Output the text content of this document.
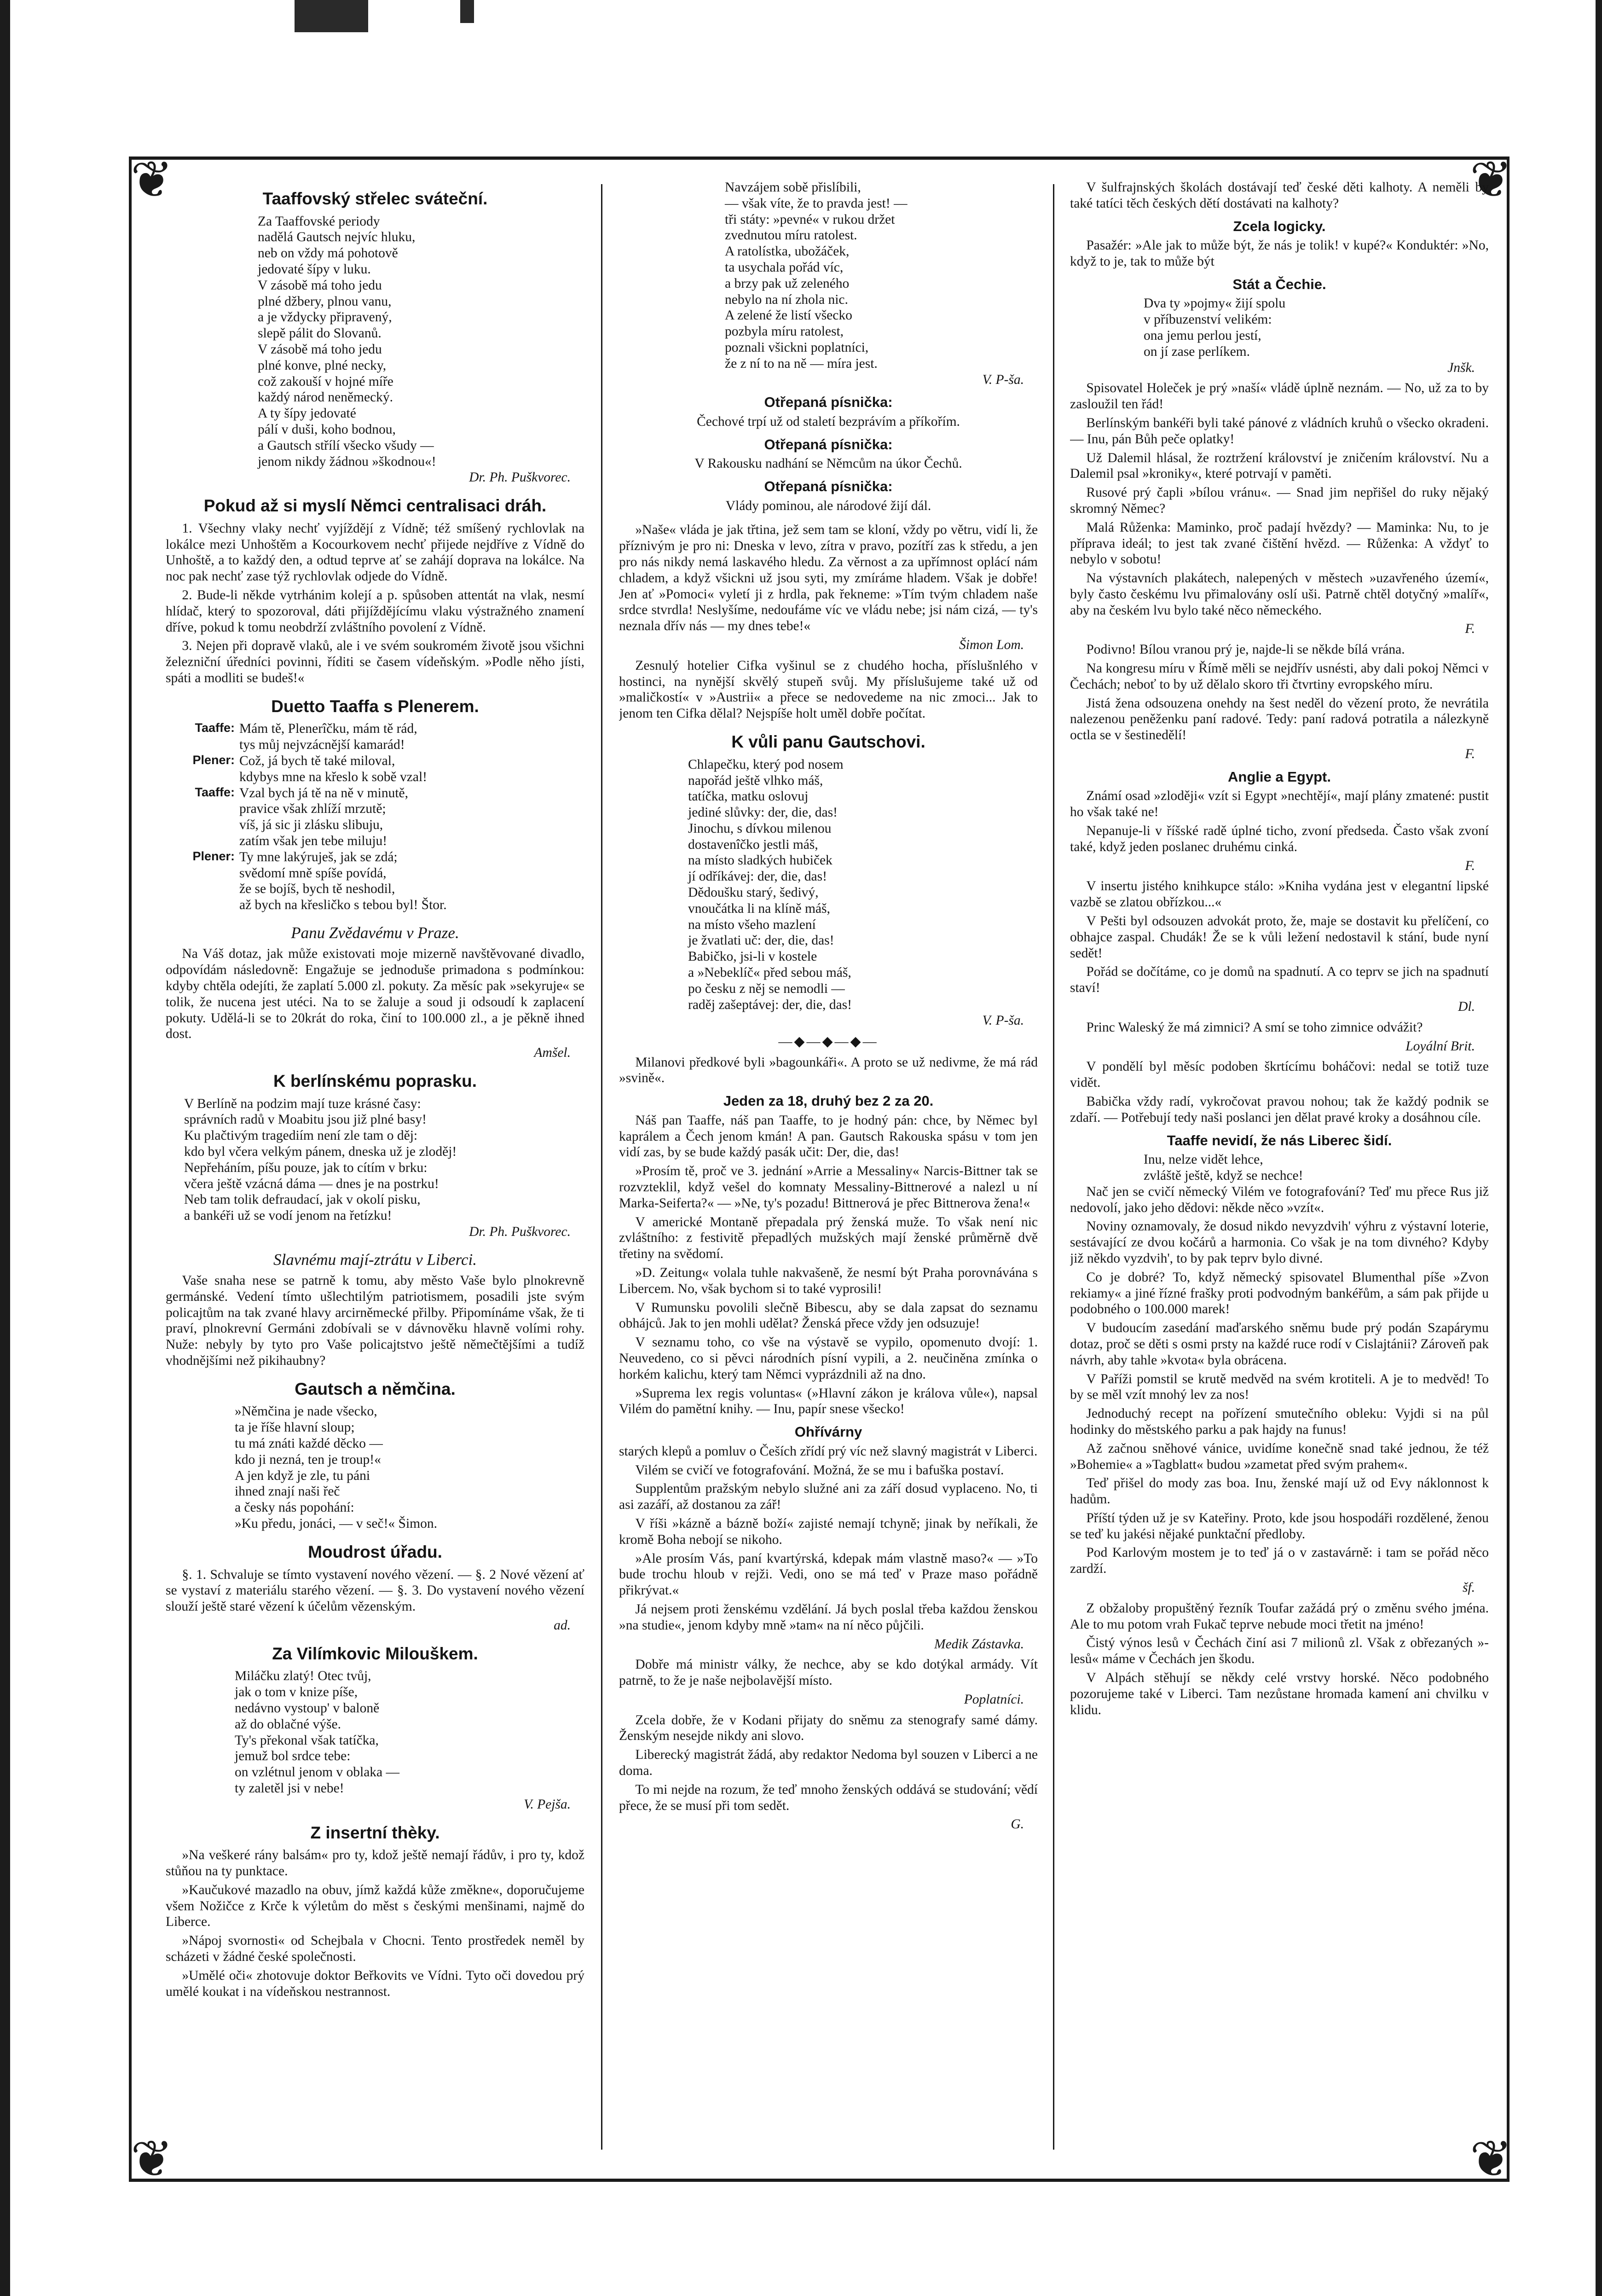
❦	❦
❦	❦
Taaffovský střelec sváteční.
Za Taaffovské periody
nadělá Gautsch nejvíc hluku,
neb on vždy má pohotově
jedovaté šípy v luku.
V zásobě má toho jedu
plné džbery, plnou vanu,
a je vždycky připravený,
slepě pálit do Slovanů.
V zásobě má toho jedu
plné konve, plné necky,
což zakouší v hojné míře
každý národ neněmecký.
A ty šípy jedovaté
pálí v duši, koho bodnou,
a Gautsch střílí všecko všudy —
jenom nikdy žádnou »škodnou«!
Dr. Ph. Puškvorec.
Pokud až si myslí Němci centralisaci dráh.

1. Všechny vlaky nechť vyjíždějí z Vídně; též smíšený rychlovlak na lokálce mezi Unhoštěm a Kocourkovem nechť přijede nejdříve z Vídně do Unhoště, a to každý den, a odtud teprve ať se zahájí doprava na lokálce. Na noc pak nechť zase týž rychlovlak odjede do Vídně.

2. Bude-li někde vytrhánim kolejí a p. spůsoben attentát na vlak, nesmí hlídač, který to spozoroval, dáti přijíždějícímu vlaku výstražného znamení dříve, pokud k tomu neobdrží zvláštního povolení z Vídně.

3. Nejen při dopravě vlaků, ale i ve svém soukromém životě jsou všichni železniční úředníci povinni, říditi se časem vídeňským. »Podle něho jísti, spáti a modliti se budeš!«

Duetto Taaffa s Plenerem.
Taaffe: Mám tě, Plenerîčku, mám tě rád,
tys můj nejvzácnější kamarád!
Plener: Což, já bych tě také miloval,
kdybys mne na křeslo k sobě vzal!
Taaffe: Vzal bych já tě na ně v minutě,
pravice však zhlíží mrzutě;
víš, já sic ji zlásku slibuju,
zatím však jen tebe miluju!
Plener: Ty mne lakýruješ, jak se zdá;
svědomí mně spíše povídá,
že se bojíš, bych tě neshodil,
až bych na křesličko s tebou byl! Štor.
Panu Zvědavému v Praze.

Na Váš dotaz, jak může existovati moje mizerně navštěvované divadlo, odpovídám následovně: Engažuje se jednoduše primadona s podmínkou: kdyby chtěla odejíti, že zaplatí 5.000 zl. pokuty. Za měsíc pak »sekyruje« se tolik, že nucena jest utéci. Na to se žaluje a soud ji odsoudí k zaplacení pokuty. Udělá-li se to 20krát do roka, činí to 100.000 zl., a je pěkně ihned dost.

Amšel.
K berlínskému poprasku.
V Berlíně na podzim mají tuze krásné časy:
správních radů v Moabitu jsou již plné basy!
Ku plačtivým tragediím není zle tam o děj:
kdo byl včera velkým pánem, dneska už je zloděj!
Nepřeháním, píšu pouze, jak to cítím v brku:
včera ještě vzácná dáma — dnes je na postrku!
Neb tam tolik defraudací, jak v okolí pisku,
a bankéři už se vodí jenom na řetízku!
Dr. Ph. Puškvorec.
Slavnému mají-ztrátu v Liberci.

Vaše snaha nese se patrně k tomu, aby město Vaše bylo plnokrevně germánské. Vedení tímto ušlechtilým patriotismem, posadili jste svým policajtům na tak zvané hlavy arcirněmecké přilby. Připomínáme však, že ti praví, plnokrevní Germáni zdobívali se v dávnověku hlavně volími rohy. Nuže: nebyly by tyto pro Vaše policajtstvo ještě němečtějšími a tudíž vhodnějšími než pikihaubny?

Gautsch a němčina.
»Němčina je nade všecko,
ta je říše hlavní sloup;
tu má znáti každé děcko —
kdo ji nezná, ten je troup!«
A jen když je zle, tu páni
ihned znají naši řeč
a česky nás popohání:
»Ku předu, jonáci, — v seč!« Šimon.
Moudrost úřadu.

§. 1. Schvaluje se tímto vystavení nového vězení. — §. 2 Nové vězení ať se vystaví z materiálu starého vězení. — §. 3. Do vystavení nového vězení slouží ještě staré vězení k účelům vězenským.

ad.
Za Vilímkovic Milouškem.
Miláčku zlatý! Otec tvůj,
jak o tom v knize píše,
nedávno vystoup' v baloně
až do oblačné výše.
Ty's překonal však tatíčka,
jemuž bol srdce tebe:
on vzlétnul jenom v oblaka —
ty zaletěl jsi v nebe!
V. Pejša.
Z insertní thèky.

»Na veškeré rány balsám« pro ty, kdož ještě nemají řádův, i pro ty, kdož stůňou na ty punktace.

»Kaučukové mazadlo na obuv, jímž každá kůže změkne«, doporučujeme všem Nožičce z Krče k výletům do měst s českými menšinami, najmě do Liberce.

»Nápoj svornosti« od Schejbala v Chocni. Tento prostředek neměl by scházeti v žádné české společnosti.

»Umělé oči« zhotovuje doktor Beřkovits ve Vídni. Tyto oči dovedou prý umělé koukat i na vídeňskou nestrannost.

Navzájem sobě přislíbili,
— však víte, že to pravda jest! —
tři státy: »pevné« v rukou držet
zvednutou míru ratolest.
A ratolístka, ubožáček,
ta usychala pořád víc,
a brzy pak už zeleného
nebylo na ní zhola nic.
A zelené že listí všecko
pozbyla míru ratolest,
poznali všickni poplatníci,
že z ní to na ně — míra jest.
V. P-ša.
Otřepaná písnička:

Čechové trpí už od staletí bezprávím a příkořím.

Otřepaná písnička:

V Rakousku nadhání se Němcům na úkor Čechů.

Otřepaná písnička:

Vlády pominou, ale národové žijí dál.

»Naše« vláda je jak třtina, jež sem tam se kloní, vždy po větru, vidí li, že příznivým je pro ni: Dneska v levo, zítra v pravo, pozítří zas k středu, a jen pro nás nikdy nemá laskavého hledu. Za věrnost a za upřímnost oplácí nám chladem, a když všickni už jsou syti, my zmíráme hladem. Však je dobře! Jen ať »Pomoci« vyletí ji z hrdla, pak řekneme: »Tím tvým chladem naše srdce stvrdla! Neslyšíme, nedoufáme víc ve vládu nebe; jsi nám cizá, — ty's neznala dřív nás — my dnes tebe!«

Šimon Lom.

Zesnulý hotelier Cifka vyšinul se z chudého hocha, příslušnlého v hostinci, na nynější skvělý stupeň svůj. My příslušujeme také už od »maličkostí« v »Austrii« a přece se nedovedeme na nic zmoci... Jak to jenom ten Cifka dělal? Nejspíše holt uměl dobře počítat.

K vůli panu Gautschovi.
Chlapečku, který pod nosem
napořád ještě vlhko máš,
tatíčka, matku oslovuj
jediné slůvky: der, die, das!
Jinochu, s dívkou milenou
dostavenîčko jestli máš,
na místo sladkých hubiček
jí odříkávej: der, die, das!
Dědoušku starý, šedivý,
vnoučátka li na klíně máš,
na místo všeho mazlení
je žvatlati uč: der, die, das!
Babičko, jsi-li v kostele
a »Nebeklíč« před sebou máš,
po česku z něj se nemodli —
raděj zašeptávej: der, die, das!
V. P-ša.
—◆—◆—◆—

Milanovi předkové byli »bagounkáři«. A proto se už nedivme, že má rád »svině«.

Jeden za 18, druhý bez 2 za 20.

Náš pan Taaffe, náš pan Taaffe, to je hodný pán: chce, by Němec byl kaprálem a Čech jenom kmán! A pan. Gautsch Rakouska spásu v tom jen vidí zas, by se bude každý pasák učit: Der, die, das!

»Prosím tě, proč ve 3. jednání »Arrie a Messaliny« Narcis-Bittner tak se rozvzteklil, když vešel do komnaty Messaliny-Bittnerové a nalezl u ní Marka-Seiferta?« — »Ne, ty's pozadu! Bittnerová je přec Bittnerova žena!«

V americké Montaně přepadala prý ženská muže. To však není nic zvláštního: z festivitě přepadlých mužských mají ženské průměrně dvě třetiny na svědomí.

»D. Zeitung« volala tuhle nakvašeně, že nesmí být Praha porovnávána s Libercem. No, však bychom si to také vyprosili!

V Rumunsku povolili slečně Bibescu, aby se dala zapsat do seznamu obhájců. Jak to jen mohli udělat? Ženská přece vždy jen odsuzuje!

V seznamu toho, co vše na výstavě se vypilo, opomenuto dvojí: 1. Neuvedeno, co si pěvci národních písní vypili, a 2. neučiněna zmínka o horkém kalichu, který tam Němci vyprázdnili až na dno.

»Suprema lex regis voluntas« (»Hlavní zákon je králova vůle«), napsal Vilém do pamětní knihy. — Inu, papír snese všecko!

Ohřívárny

starých klepů a pomluv o Češích zřídí prý víc než slavný magistrát v Liberci.

Vilém se cvičí ve fotografování. Možná, že se mu i bafuška postaví.

Supplentům pražským nebylo služné ani za září dosud vyplaceno. No, ti asi zazáří, až dostanou za zář!

V říši »kázně a bázně boží« zajisté nemají tchyně; jinak by neříkali, že kromě Boha nebojí se nikoho.

»Ale prosím Vás, paní kvartýrská, kdepak mám vlastně maso?« — »To bude trochu hloub v rejži. Vedi, ono se má teď v Praze maso pořádně přikrývat.«

Já nejsem proti ženskému vzdělání. Já bych poslal třeba každou ženskou »na studie«, jenom kdyby mně »tam« na ní něco půjčili.

Medik Zástavka.

Dobře má ministr války, že nechce, aby se kdo dotýkal armády. Vít patrně, to že je naše nejbolavější místo.

Poplatníci.

Zcela dobře, že v Kodani přijaty do sněmu za stenografy samé dámy. Ženským nesejde nikdy ani slovo.

Liberecký magistrát žádá, aby redaktor Nedoma byl souzen v Liberci a ne doma.

To mi nejde na rozum, že teď mnoho ženských oddává se studování; vědí přece, že se musí při tom sedět.

G.

V šulfrajnských školách dostávají teď české děti kalhoty. A neměli by také tatíci těch českých dětí dostávati na kalhoty?

Zcela logicky.

Pasažér: »Ale jak to může být, že nás je tolik! v kupé?« Konduktér: »No, když to je, tak to může být

Stát a Čechie.
Dva ty »pojmy« žijí spolu
v příbuzenství velikém:
ona jemu perlou jestí,
on jí zase perlíkem.
Jnšk.

Spisovatel Holeček je prý »naší« vládě úplně neznám. — No, už za to by zasloužil ten řád!

Berlínským bankéři byli také pánové z vládních kruhů o všecko okradeni. — Inu, pán Bůh peče oplatky!

Už Dalemil hlásal, že roztržení království je zničením království. Nu a Dalemil psal »kroniky«, které potrvají v paměti.

Rusové prý čapli »bílou vránu«. — Snad jim nepřišel do ruky nějaký skromný Němec?

Malá Růženka: Maminko, proč padají hvězdy? — Maminka: Nu, to je příprava ideál; to jest tak zvané čištění hvězd. — Růženka: A vždyť to nebylo v sobotu!

Na výstavních plakátech, nalepených v městech »uzavřeného území«, byly často českému lvu přimalovány oslí uši. Patrně chtěl dotyčný »malíř«, aby na českém lvu bylo také něco německého.

F.

Podivno! Bílou vranou prý je, najde-li se někde bílá vrána.

Na kongresu míru v Římě měli se nejdřív usnésti, aby dali pokoj Němci v Čechách; neboť to by už dělalo skoro tři čtvrtiny evropského míru.

Jistá žena odsouzena onehdy na šest neděl do vězení proto, že nevrátila nalezenou peněženku paní radové. Tedy: paní radová potratila a nálezkyně octla se v šestinedělí!

F.
Anglie a Egypt.

Známí osad »zloději« vzít si Egypt »nechtějí«, mají plány zmatené: pustit ho však také ne!

Nepanuje-li v říšské radě úplné ticho, zvoní předseda. Často však zvoní také, když jeden poslanec druhému cinká.

F.

V insertu jistého knihkupce stálo: »Kniha vydána jest v elegantní lipské vazbě se zlatou obřízkou...«

V Pešti byl odsouzen advokát proto, že, maje se dostavit ku přelíčení, co obhajce zaspal. Chudák! Že se k vůli ležení nedostavil k stání, bude nyní sedět!

Pořád se dočítáme, co je domů na spadnutí. A co teprv se jich na spadnutí staví!

Dl.

Princ Waleský že má zimnici? A smí se toho zimnice odvážit?

Loyální Brit.

V pondělí byl měsíc podoben škrtícímu boháčovi: nedal se totiž tuze vidět.

Babička vždy radí, vykročovat pravou nohou; tak že každý podnik se zdaří. — Potřebují tedy naši poslanci jen dělat pravé kroky a dosáhnou cíle.

Taaffe nevidí, že nás Liberec šidí.
Inu, nelze vidět lehce,
zvláště ještě, když se nechce!

Nač jen se cvičí německý Vilém ve fotografování? Teď mu přece Rus již nedovolí, jako jeho dědovi: někde něco »vzít«.

Noviny oznamovaly, že dosud nikdo nevyzdvih' výhru z výstavní loterie, sestávající ze dvou kočárů a harmonia. Co však je na tom divného? Kdyby již někdo vyzdvih', to by pak teprv bylo divné.

Co je dobré? To, když německý spisovatel Blumenthal píše »Zvon rekiamy« a jiné řízné frašky proti podvodným bankéřům, a sám pak přijde u podobného o 100.000 marek!

V budoucím zasedání maďarského sněmu bude prý podán Szapárymu dotaz, proč se děti s osmi prsty na každé ruce rodí v Cislajtánii? Zároveň pak návrh, aby tahle »kvota« byla obrácena.

V Paříži pomstil se krutě medvěd na svém krotiteli. A je to medvěd! To by se měl vzít mnohý lev za nos!

Jednoduchý recept na pořízení smutečního obleku: Vyjdi si na půl hodinky do městského parku a pak hajdy na funus!

Až začnou sněhové vánice, uvidíme konečně snad také jednou, že též »Bohemie« a »Tagblatt« budou »zametat před svým prahem«.

Teď přišel do mody zas boa. Inu, ženské mají už od Evy náklonnost k hadům.

Příští týden už je sv Kateřiny. Proto, kde jsou hospodáři rozdělené, ženou se teď ku jakési nějaké punktační předloby.

Pod Karlovým mostem je to teď já o v zastavárně: i tam se pořád něco zardží.

šf.

Z obžaloby propuštěný řezník Toufar zažádá prý o změnu svého jména. Ale to mu potom vrah Fukač teprve nebude moci třetit na jméno!

Čistý výnos lesů v Čechách činí asi 7 milionů zl. Však z obřezaných »-lesů« máme v Čechách jen škodu.

V Alpách stěhují se někdy celé vrstvy horské. Něco podobného pozorujeme také v Liberci. Tam nezůstane hromada kamení ani chvilku v klidu.
